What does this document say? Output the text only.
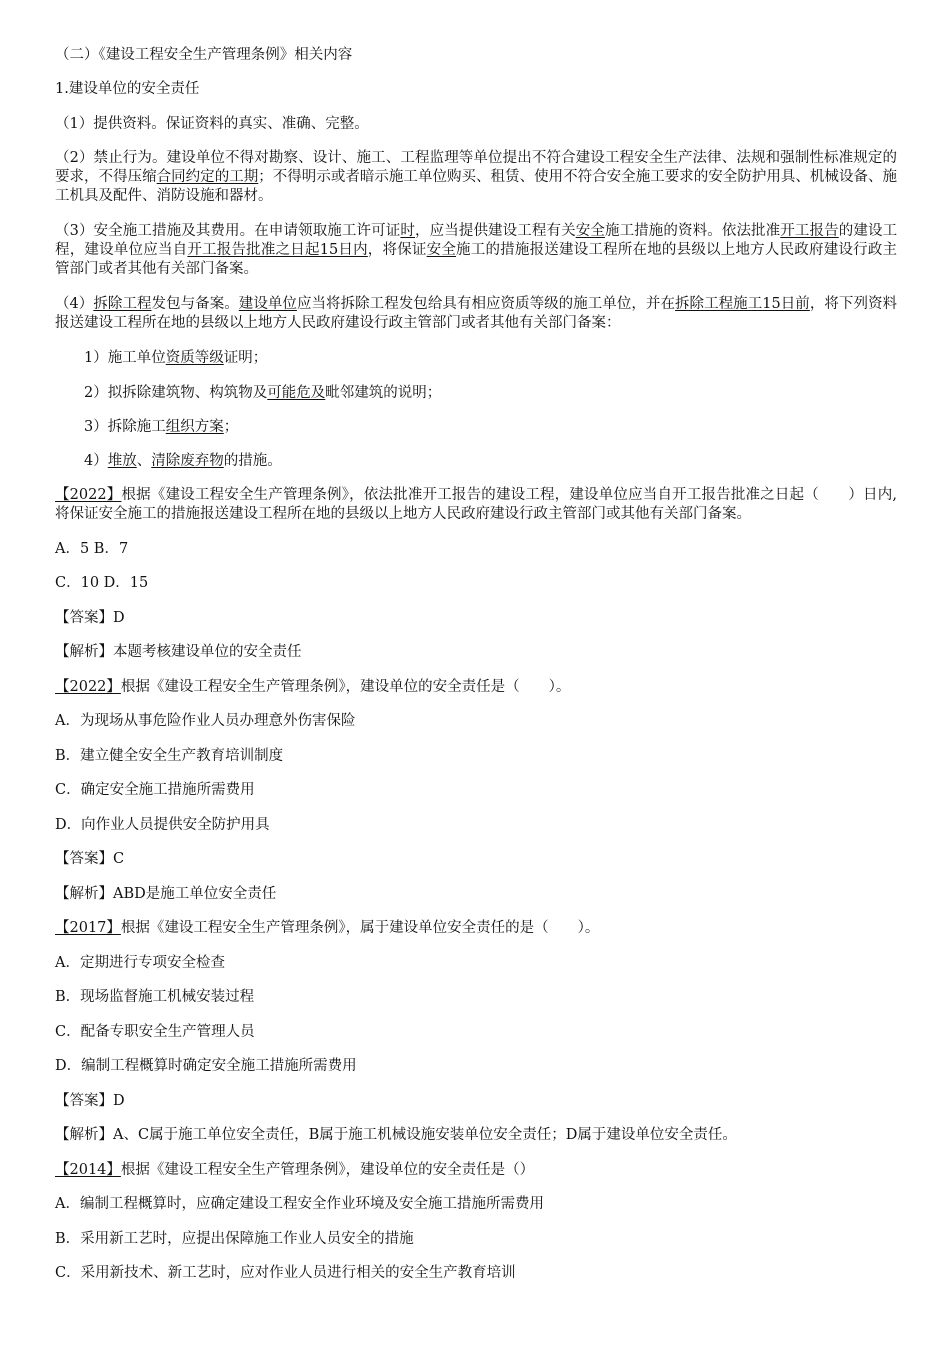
（二）《建设工程安全生产管理条例》相关内容
1.建设单位的安全责任
（1）提供资料。保证资料的真实、准确、完整。
（2）禁止行为。建设单位不得对勘察、设计、施工、工程监理等单位提出不符合建设工程安全生产法律、法规和强制性标准规定的要求，不得压缩合同约定的工期；不得明示或者暗示施工单位购买、租赁、使用不符合安全施工要求的安全防护用具、机械设备、施工机具及配件、消防设施和器材。
（3）安全施工措施及其费用。在申请领取施工许可证时，应当提供建设工程有关安全施工措施的资料。依法批准开工报告的建设工程，建设单位应当自开工报告批准之日起15日内，将保证安全施工的措施报送建设工程所在地的县级以上地方人民政府建设行政主管部门或者其他有关部门备案。
（4）拆除工程发包与备案。建设单位应当将拆除工程发包给具有相应资质等级的施工单位，并在拆除工程施工15日前，将下列资料报送建设工程所在地的县级以上地方人民政府建设行政主管部门或者其他有关部门备案：
1）施工单位资质等级证明；
2）拟拆除建筑物、构筑物及可能危及毗邻建筑的说明；
3）拆除施工组织方案；
4）堆放、清除废弃物的措施。
【2022】根据《建设工程安全生产管理条例》，依法批准开工报告的建设工程，建设单位应当自开工报告批准之日起（　　）日内,将保证安全施工的措施报送建设工程所在地的县级以上地方人民政府建设行政主管部门或其他有关部门备案。
A．5 B．7
C．10 D．15
【答案】D
【解析】本题考核建设单位的安全责任
【2022】根据《建设工程安全生产管理条例》，建设单位的安全责任是（　　）。
A．为现场从事危险作业人员办理意外伤害保险
B．建立健全安全生产教育培训制度
C．确定安全施工措施所需费用
D．向作业人员提供安全防护用具
【答案】C
【解析】ABD是施工单位安全责任
【2017】根据《建设工程安全生产管理条例》，属于建设单位安全责任的是（　　）。
A．定期进行专项安全检查
B．现场监督施工机械安装过程
C．配备专职安全生产管理人员
D．编制工程概算时确定安全施工措施所需费用
【答案】D
【解析】A、C属于施工单位安全责任，B属于施工机械设施安装单位安全责任；D属于建设单位安全责任。
【2014】根据《建设工程安全生产管理条例》，建设单位的安全责任是（）
A．编制工程概算时，应确定建设工程安全作业环境及安全施工措施所需费用
B．采用新工艺时，应提出保障施工作业人员安全的措施
C．采用新技术、新工艺时，应对作业人员进行相关的安全生产教育培训
